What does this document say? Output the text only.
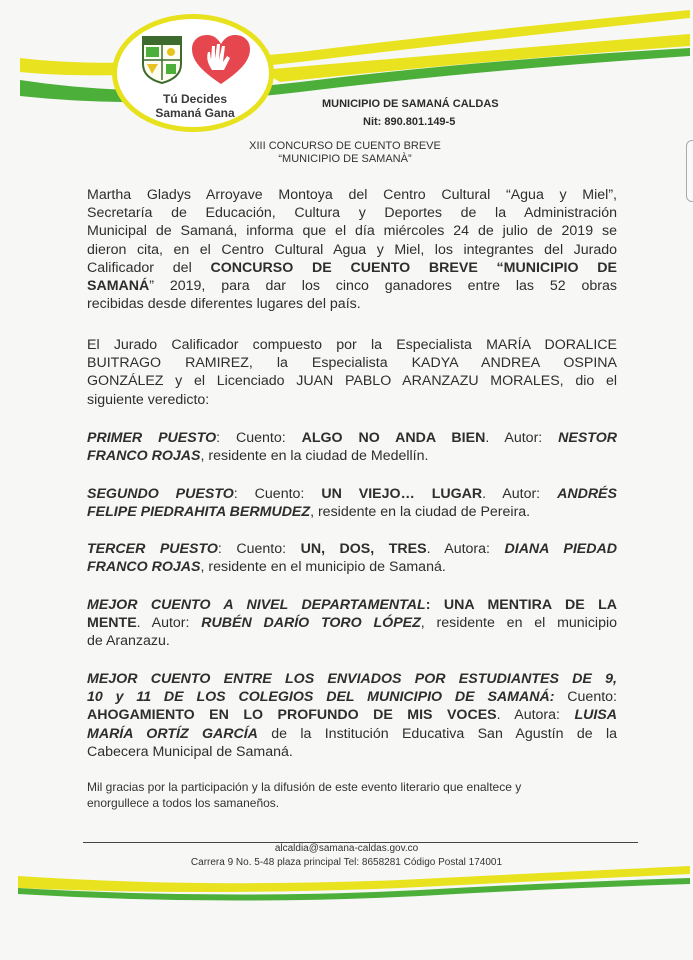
Tú Decides
Samaná Gana
MUNICIPIO DE SAMANÁ CALDAS
Nit: 890.801.149-5
XIII CONCURSO DE CUENTO BREVE
“MUNICIPIO DE SAMANÀ”
Martha Gladys Arroyave Montoya del Centro Cultural “Agua y Miel”,
Secretaría de Educación, Cultura y Deportes de la Administración
Municipal de Samaná, informa que el día miércoles 24 de julio de 2019 se
dieron cita, en el Centro Cultural Agua y Miel, los integrantes del Jurado
Calificador del CONCURSO DE CUENTO BREVE “MUNICIPIO DE
SAMANÁ” 2019, para dar los cinco ganadores entre las 52 obras
recibidas desde diferentes lugares del país.
El Jurado Calificador compuesto por la Especialista MARÍA DORALICE
BUITRAGO RAMIREZ, la Especialista KADYA ANDREA OSPINA
GONZÁLEZ y el Licenciado JUAN PABLO ARANZAZU MORALES, dio el
siguiente veredicto:
PRIMER PUESTO: Cuento: ALGO NO ANDA BIEN. Autor: NESTOR
FRANCO ROJAS, residente en la ciudad de Medellín.
SEGUNDO PUESTO: Cuento: UN VIEJO… LUGAR. Autor: ANDRÉS
FELIPE PIEDRAHITA BERMUDEZ, residente en la ciudad de Pereira.
TERCER PUESTO: Cuento: UN, DOS, TRES. Autora: DIANA PIEDAD
FRANCO ROJAS, residente en el municipio de Samaná.
MEJOR CUENTO A NIVEL DEPARTAMENTAL: UNA MENTIRA DE LA
MENTE. Autor: RUBÉN DARÍO TORO LÓPEZ, residente en el municipio
de Aranzazu.
MEJOR CUENTO ENTRE LOS ENVIADOS POR ESTUDIANTES DE 9,
10 y 11 DE LOS COLEGIOS DEL MUNICIPIO DE SAMANÁ: Cuento:
AHOGAMIENTO EN LO PROFUNDO DE MIS VOCES. Autora: LUISA
MARÍA ORTÍZ GARCÍA de la Institución Educativa San Agustín de la
Cabecera Municipal de Samaná.
Mil gracias por la participación y la difusión de este evento literario que enaltece y
enorgullece a todos los samaneños.
alcaldia@samana-caldas.gov.co
Carrera 9 No. 5-48 plaza principal Tel: 8658281 Código Postal 174001
